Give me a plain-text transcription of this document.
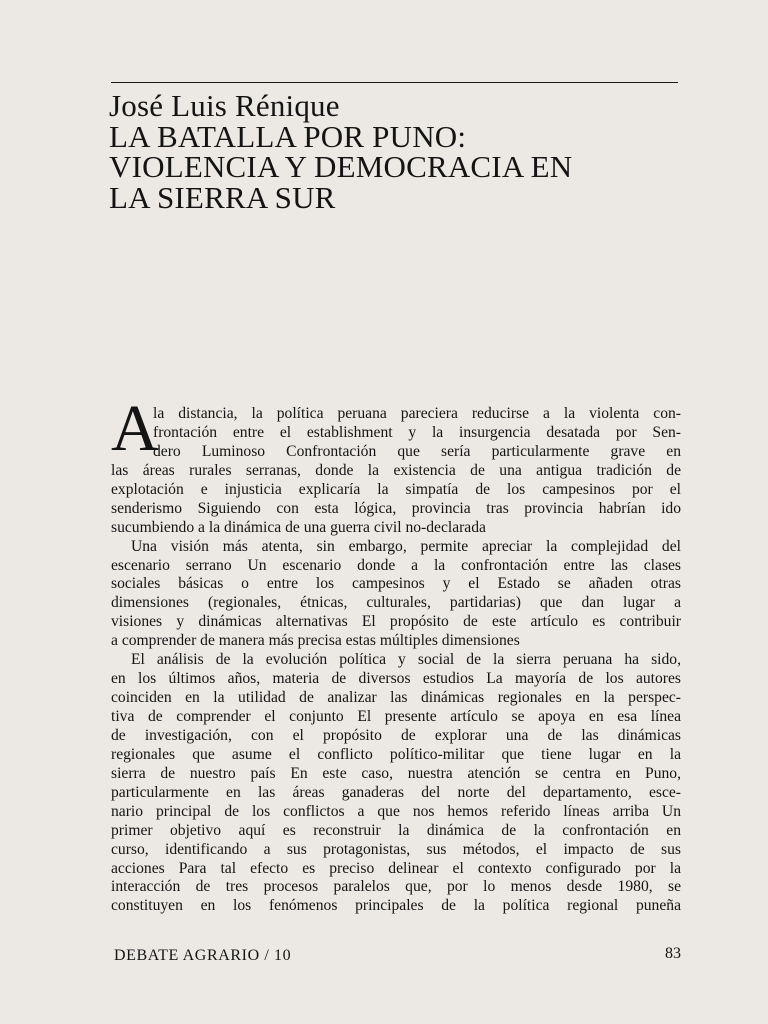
José Luis Rénique
LA BATALLA POR PUNO:
VIOLENCIA Y DEMOCRACIA EN
LA SIERRA SUR
A
la distancia, la política peruana pareciera reducirse a la violenta con-
frontación entre el establishment y la insurgencia desatada por Sen-
dero Luminoso Confrontación que sería particularmente grave en
las áreas rurales serranas, donde la existencia de una antigua tradición de
explotación e injusticia explicaría la simpatía de los campesinos por el
senderismo Siguiendo con esta lógica, provincia tras provincia habrían ido
sucumbiendo a la dinámica de una guerra civil no-declarada
Una visión más atenta, sin embargo, permite apreciar la complejidad del
escenario serrano Un escenario donde a la confrontación entre las clases
sociales básicas o entre los campesinos y el Estado se añaden otras
dimensiones (regionales, étnicas, culturales, partidarias) que dan lugar a
visiones y dinámicas alternativas El propósito de este artículo es contribuir
a comprender de manera más precisa estas múltiples dimensiones
El análisis de la evolución política y social de la sierra peruana ha sido,
en los últimos años, materia de diversos estudios La mayoría de los autores
coinciden en la utilidad de analizar las dinámicas regionales en la perspec-
tiva de comprender el conjunto El presente artículo se apoya en esa línea
de investigación, con el propósito de explorar una de las dinámicas
regionales que asume el conflicto político-militar que tiene lugar en la
sierra de nuestro país En este caso, nuestra atención se centra en Puno,
particularmente en las áreas ganaderas del norte del departamento, esce-
nario principal de los conflictos a que nos hemos referido líneas arriba Un
primer objetivo aquí es reconstruir la dinámica de la confrontación en
curso, identificando a sus protagonistas, sus métodos, el impacto de sus
acciones Para tal efecto es preciso delinear el contexto configurado por la
interacción de tres procesos paralelos que, por lo menos desde 1980, se
constituyen en los fenómenos principales de la política regional puneña
DEBATE AGRARIO / 10	83
